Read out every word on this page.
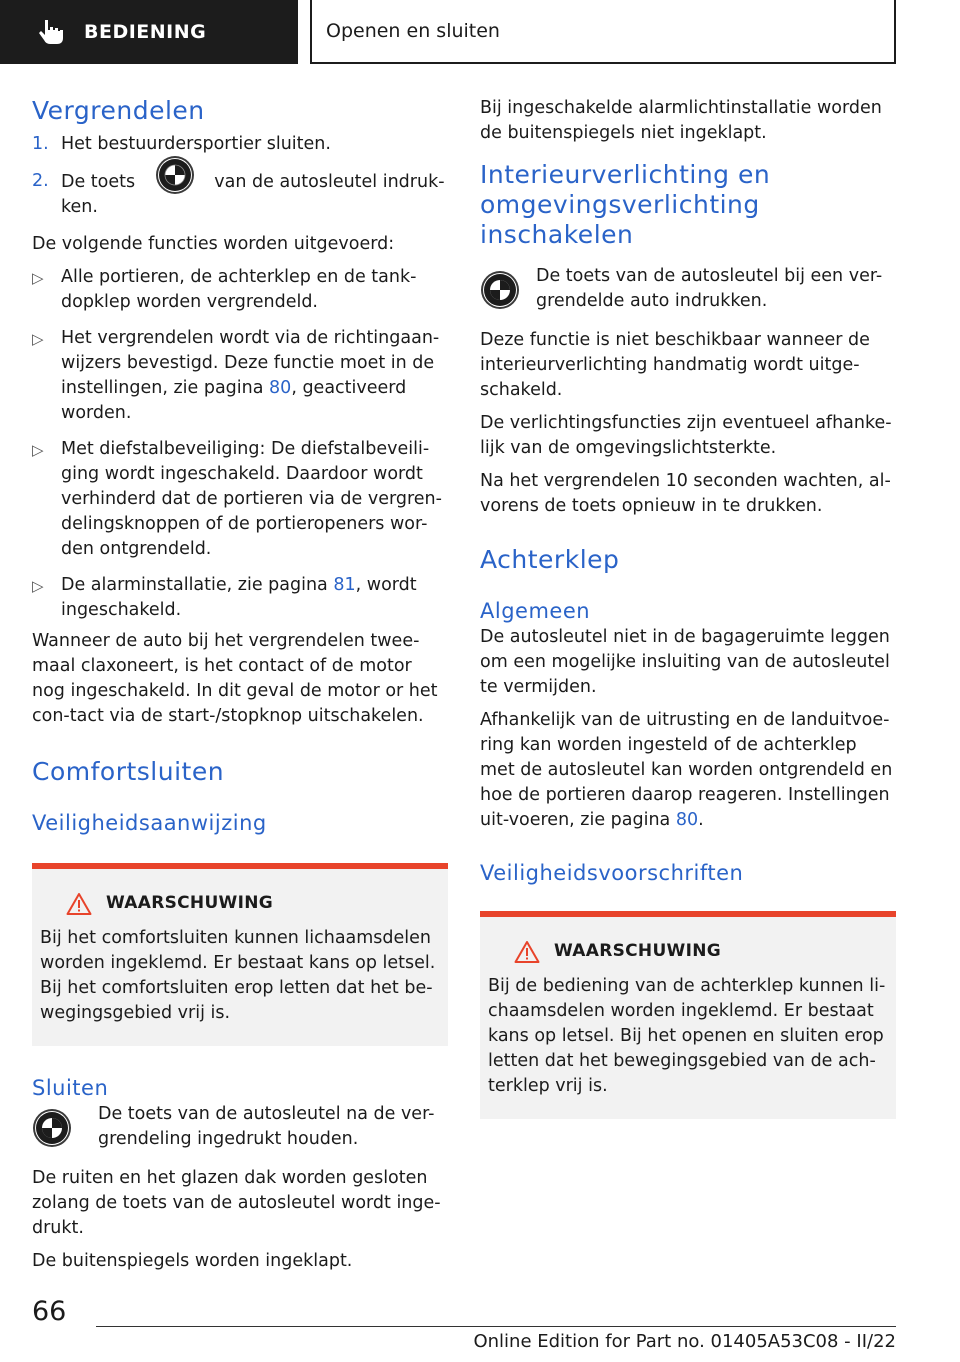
BEDIENING	Openen en sluiten
Vergrendelen
1. Het bestuurdersportier sluiten.
2. De toets	van de autosleutel indruk-ken.

De volgende functies worden uitgevoerd:

▷ Alle portieren, de achterklep en de tank-dopklep worden vergrendeld.
▷ Het vergrendelen wordt via de richtingaan-wijzers bevestigd. Deze functie moet in de instellingen, zie pagina 80, geactiveerd worden.
▷ Met diefstalbeveiliging: De diefstalbeveili-ging wordt ingeschakeld. Daardoor wordt verhinderd dat de portieren via de vergren-delingsknoppen of de portieropeners wor-den ontgrendeld.
▷ De alarminstallatie, zie pagina 81, wordt ingeschakeld.

Wanneer de auto bij het vergrendelen twee-maal claxoneert, is het contact of de motor nog ingeschakeld. In dit geval de motor or het con-tact via de start-/stopknop uitschakelen.

Comfortsluiten
Veiligheidsaanwijzing
WAARSCHUWING

Bij het comfortsluiten kunnen lichaamsdelen worden ingeklemd. Er bestaat kans op letsel. Bij het comfortsluiten erop letten dat het be-wegingsgebied vrij is.

Sluiten
De toets van de autosleutel na de ver-grendeling ingedrukt houden.

De ruiten en het glazen dak worden gesloten zolang de toets van de autosleutel wordt inge-drukt.

De buitenspiegels worden ingeklapt.

Bij ingeschakelde alarmlichtinstallatie worden de buitenspiegels niet ingeklapt.

Interieurverlichting en omgevingsverlichting inschakelen
De toets van de autosleutel bij een ver-grendelde auto indrukken.

Deze functie is niet beschikbaar wanneer de interieurverlichting handmatig wordt uitge-schakeld.

De verlichtingsfuncties zijn eventueel afhanke-lijk van de omgevingslichtsterkte.

Na het vergrendelen 10 seconden wachten, al-vorens de toets opnieuw in te drukken.

Achterklep
Algemeen

De autosleutel niet in de bagageruimte leggen om een mogelijke insluiting van de autosleutel te vermijden.

Afhankelijk van de uitrusting en de landuitvoe-ring kan worden ingesteld of de achterklep met de autosleutel kan worden ontgrendeld en hoe de portieren daarop reageren. Instellingen uit-voeren, zie pagina 80.

Veiligheidsvoorschriften
WAARSCHUWING

Bij de bediening van de achterklep kunnen li-chaamsdelen worden ingeklemd. Er bestaat kans op letsel. Bij het openen en sluiten erop letten dat het bewegingsgebied van de ach-terklep vrij is.

66
Online Edition for Part no. 01405A53C08 - II/22
